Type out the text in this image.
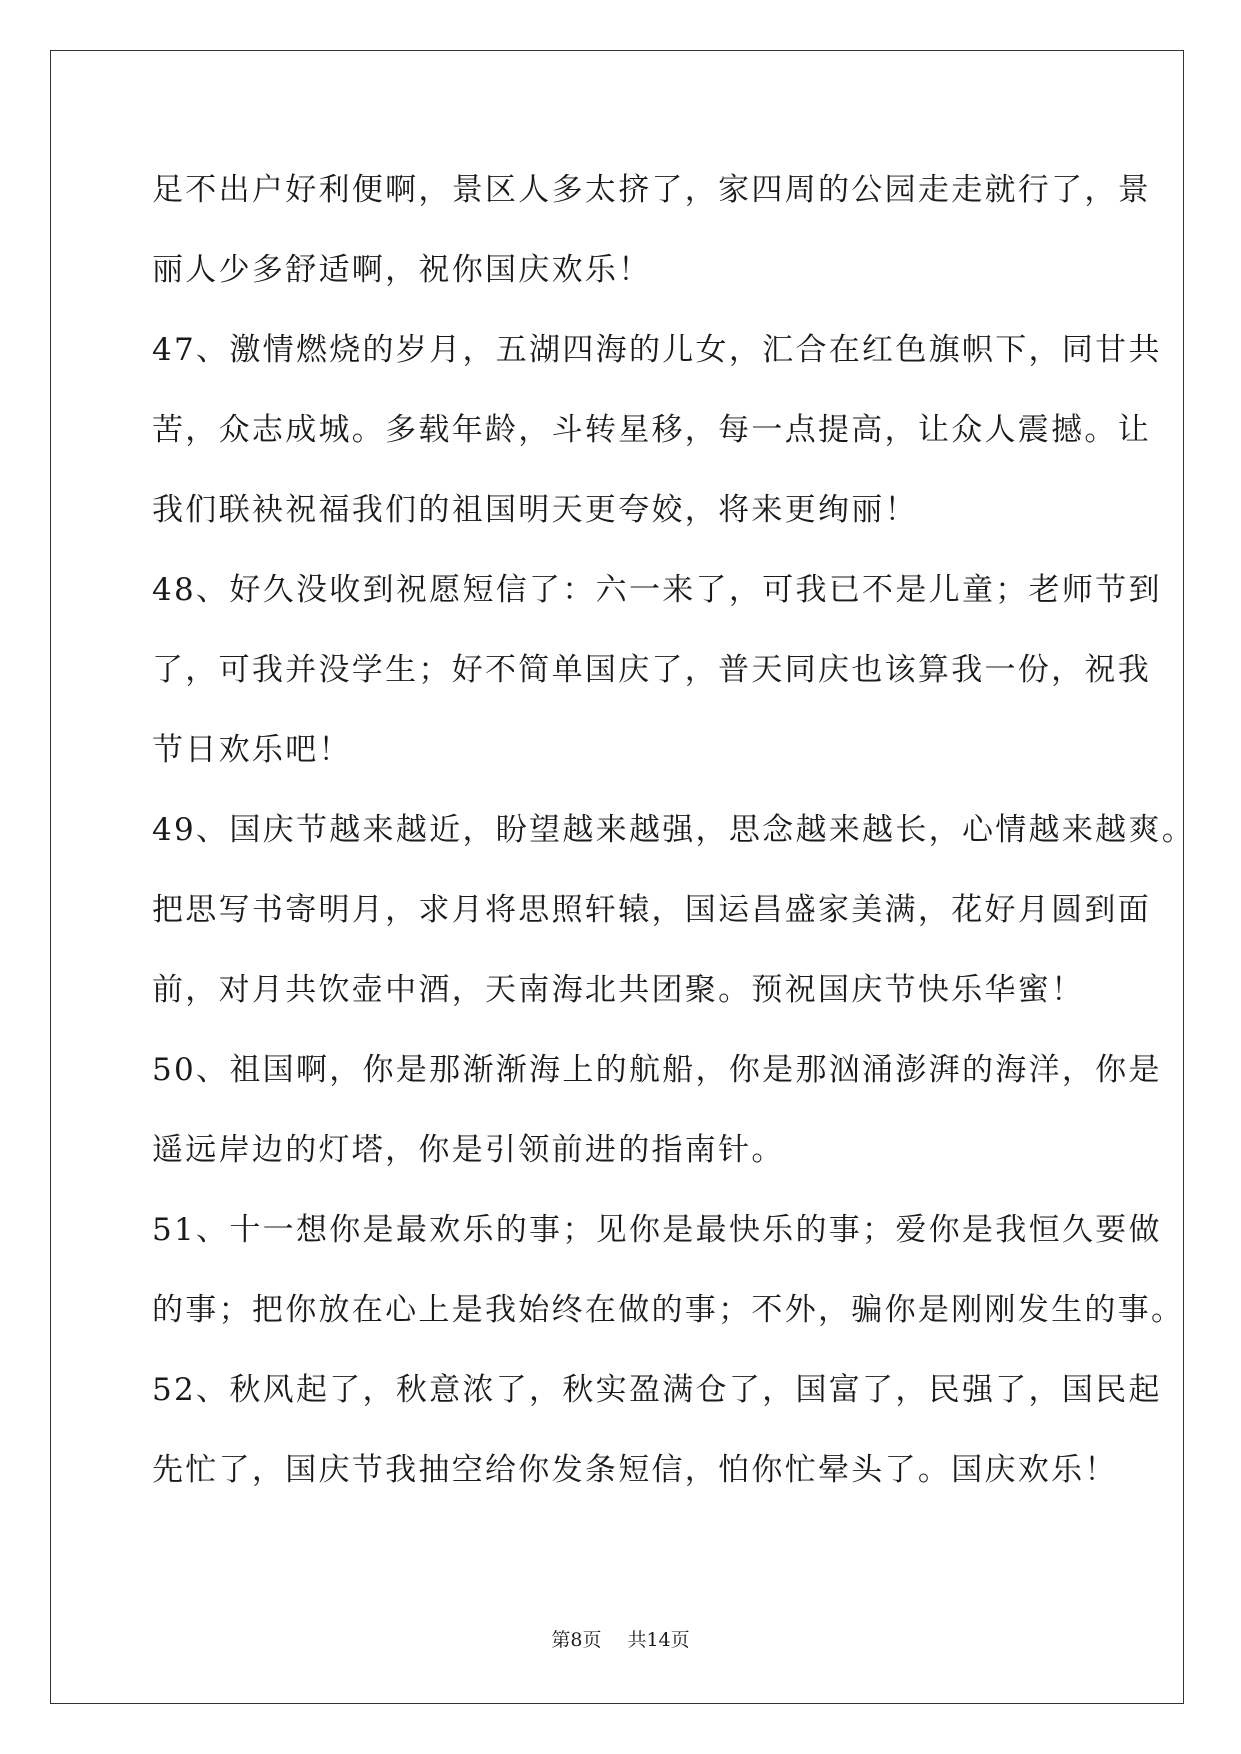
足不出户好利便啊，景区人多太挤了，家四周的公园走走就行了，景
丽人少多舒适啊，祝你国庆欢乐！
47、激情燃烧的岁月，五湖四海的儿女，汇合在红色旗帜下，同甘共
苦，众志成城。多载年龄，斗转星移，每一点提高，让众人震撼。让
我们联袂祝福我们的祖国明天更夸姣，将来更绚丽！
48、好久没收到祝愿短信了：六一来了，可我已不是儿童；老师节到
了，可我并没学生；好不简单国庆了，普天同庆也该算我一份，祝我
节日欢乐吧！
49、国庆节越来越近，盼望越来越强，思念越来越长，心情越来越爽。
把思写书寄明月，求月将思照轩辕，国运昌盛家美满，花好月圆到面
前，对月共饮壶中酒，天南海北共团聚。预祝国庆节快乐华蜜！
50、祖国啊，你是那渐渐海上的航船，你是那汹涌澎湃的海洋，你是
遥远岸边的灯塔，你是引领前进的指南针。
51、十一想你是最欢乐的事；见你是最快乐的事；爱你是我恒久要做
的事；把你放在心上是我始终在做的事；不外，骗你是刚刚发生的事。
52、秋风起了，秋意浓了，秋实盈满仓了，国富了，民强了，国民起
先忙了，国庆节我抽空给你发条短信，怕你忙晕头了。国庆欢乐！
第8页 共14页
